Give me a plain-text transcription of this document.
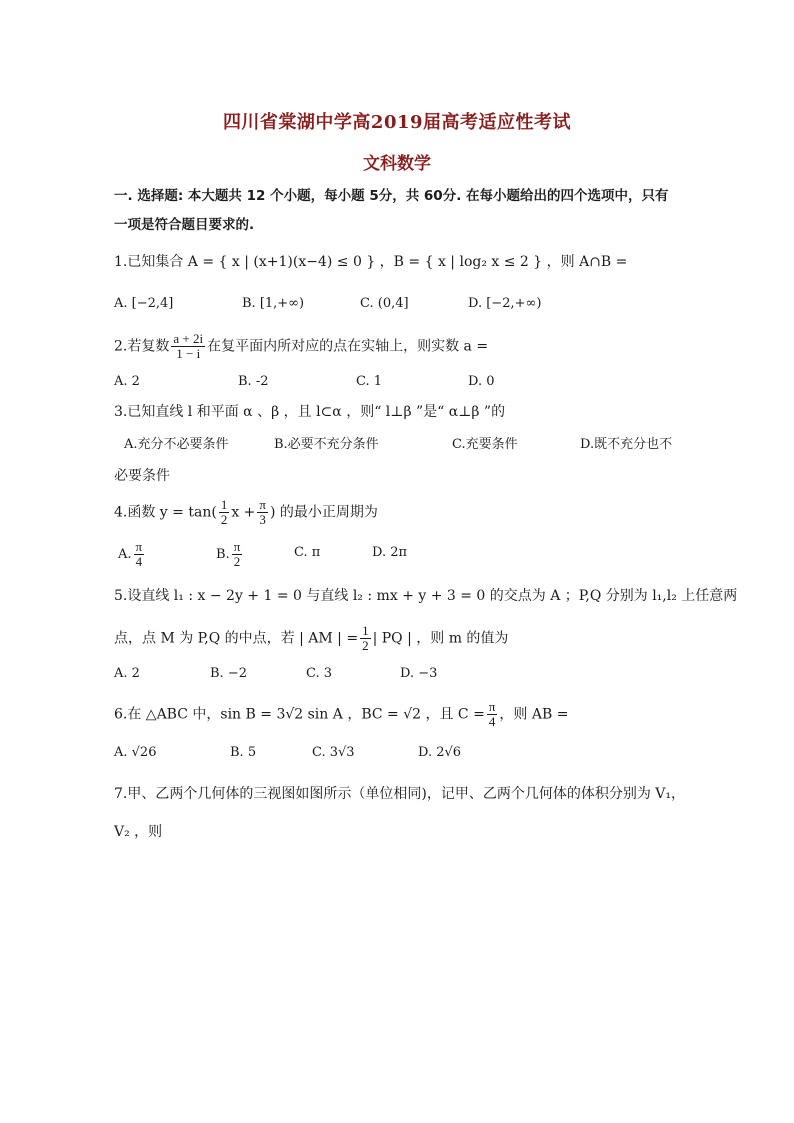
四川省棠湖中学高2019届高考适应性考试
文科数学
一. 选择题: 本大题共 12 个小题，每小题 5分，共 60分. 在每小题给出的四个选项中，只有
一项是符合题目要求的.
1.已知集合 A = { x | (x+1)(x−4) ≤ 0 } ，B = { x | log₂ x ≤ 2 } ，则 A∩B =
A. [−2,4]	B. [1,+∞)	C. (0,4]	D. [−2,+∞)
2.若复数 $\frac{a + 2i}{1 - i}$ 在复平面内所对应的点在实轴上，则实数 a =
A. 2	B. -2	C. 1	D. 0
3.已知直线 l 和平面 α 、β ，且 l⊂α ，则“ l⊥β ”是“ α⊥β ”的
A.充分不必要条件	B.必要不充分条件	C.充要条件	D.既不充分也不
必要条件
4.函数 $y = \tan( \frac{1}{2}$ $x + \frac{\pi}{3}$ ) 的最小正周期为
A. $\frac{\pi}{4}$	B. $\frac{\pi}{2}$	C. π	D. 2π
5.设直线 l₁ : x − 2y + 1 = 0 与直线 l₂ : mx + y + 3 = 0 的交点为 A ；P,Q 分别为 l₁,l₂ 上任意两
点，点 M 为 P,Q 的中点，若 | AM | = $\frac{1}{2}$ | PQ | ，则 m 的值为
A. 2	B. −2	C. 3	D. −3
6.在 △ABC 中，sin B = 3√2 sin A ，BC = √2 ，且 $C = \frac{\pi}{4}$ ，则 AB =
A. √26	B. 5	C. 3√3	D. 2√6
7.甲、乙两个几何体的三视图如图所示（单位相同)，记甲、乙两个几何体的体积分别为 V₁，
V₂ ，则
